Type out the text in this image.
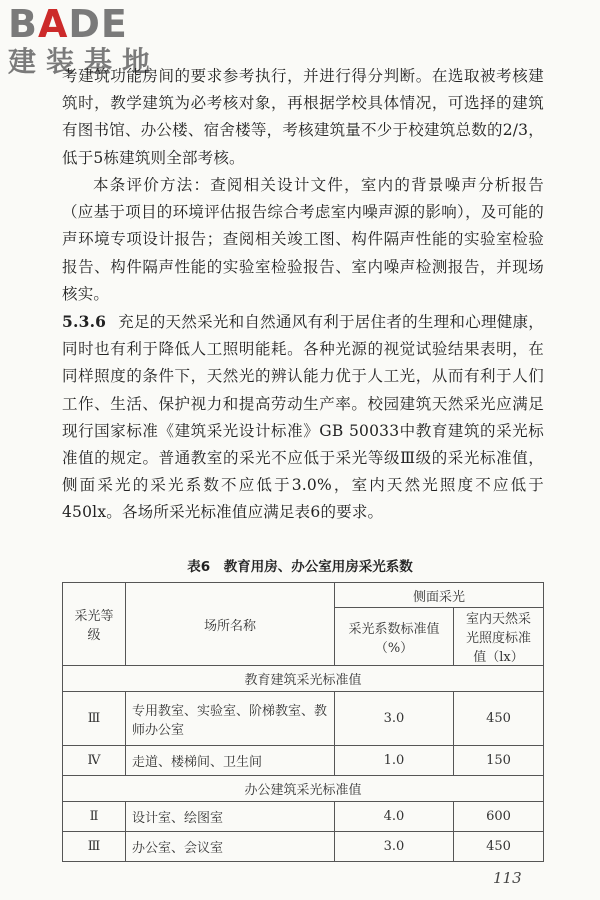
BADE
建装基地
考建筑功能房间的要求参考执行，并进行得分判断。在选取被考核建筑时，教学建筑为必考核对象，再根据学校具体情况，可选择的建筑有图书馆、办公楼、宿舍楼等，考核建筑量不少于校建筑总数的2/3，低于5栋建筑则全部考核。
本条评价方法：查阅相关设计文件，室内的背景噪声分析报告（应基于项目的环境评估报告综合考虑室内噪声源的影响），及可能的声环境专项设计报告；查阅相关竣工图、构件隔声性能的实验室检验报告、构件隔声性能的实验室检验报告、室内噪声检测报告，并现场核实。
5.3.6 充足的天然采光和自然通风有利于居住者的生理和心理健康，同时也有利于降低人工照明能耗。各种光源的视觉试验结果表明，在同样照度的条件下，天然光的辨认能力优于人工光，从而有利于人们工作、生活、保护视力和提高劳动生产率。校园建筑天然采光应满足现行国家标准《建筑采光设计标准》GB 50033中教育建筑的采光标准值的规定。普通教室的采光不应低于采光等级Ⅲ级的采光标准值，侧面采光的采光系数不应低于3.0%，室内天然光照度不应低于450lx。各场所采光标准值应满足表6的要求。
表6　教育用房、办公室用房采光系数
采光等级	场所名称	侧面采光	
		采光系数标准值（%）	室内天然采光照度标准值（lx）
教育建筑采光标准值			
Ⅲ	专用教室、实验室、阶梯教室、教师办公室	3.0	450
Ⅳ	走道、楼梯间、卫生间	1.0	150
办公建筑采光标准值			
Ⅱ	设计室、绘图室	4.0	600
Ⅲ	办公室、会议室	3.0	450
113
